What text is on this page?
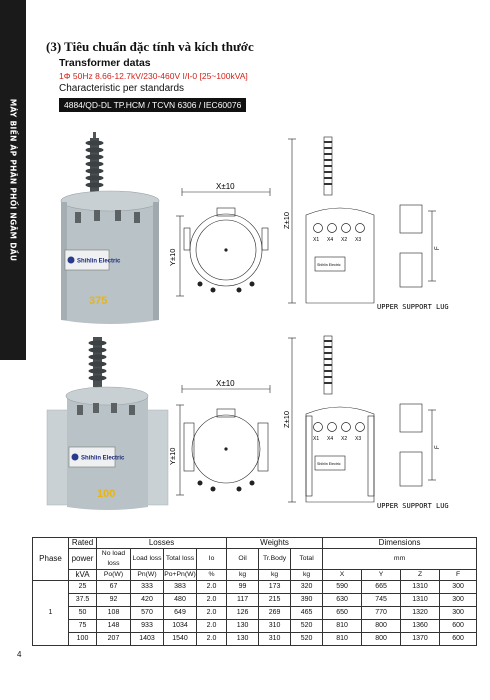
MÁY BIẾN ÁP PHÂN PHỐI NGÂM DẦU
(3) Tiêu chuẩn đặc tính và kích thước
Transformer datas
1Φ 50Hz 8.66-12.7kV/230-460V I/I-0 [25~100kVA]
Characteristic per standards
4884/QD-DL TP.HCM / TCVN 6306 / IEC60076
Shihlin Electric
375
Shihlin Electric
100
X±10
Y±10
X1 X4 X2 X3
Shihlin Electric
Z±10
F
UPPER SUPPORT LUG
X±10
Y±10
X1 X4 X2 X3
Shihlin Electric
Z±10
F
UPPER SUPPORT LUG
Phase	Rated	Losses				Weights			Dimensions			
	power	No load loss	Load loss	Total loss	Io	Oil	Tr.Body	Total	mm			
	kVA	Po(W)	Pn(W)	Po+Pn(W)	%	kg	kg	kg	X	Y	Z	F
1	25	67	333	383	2.0	99	173	320	590	665	1310	300
	37.5	92	420	480	2.0	117	215	390	630	745	1310	300
	50	108	570	649	2.0	126	269	465	650	770	1320	300
	75	148	933	1034	2.0	130	310	520	810	800	1360	600
	100	207	1403	1540	2.0	130	310	520	810	800	1370	600
4
